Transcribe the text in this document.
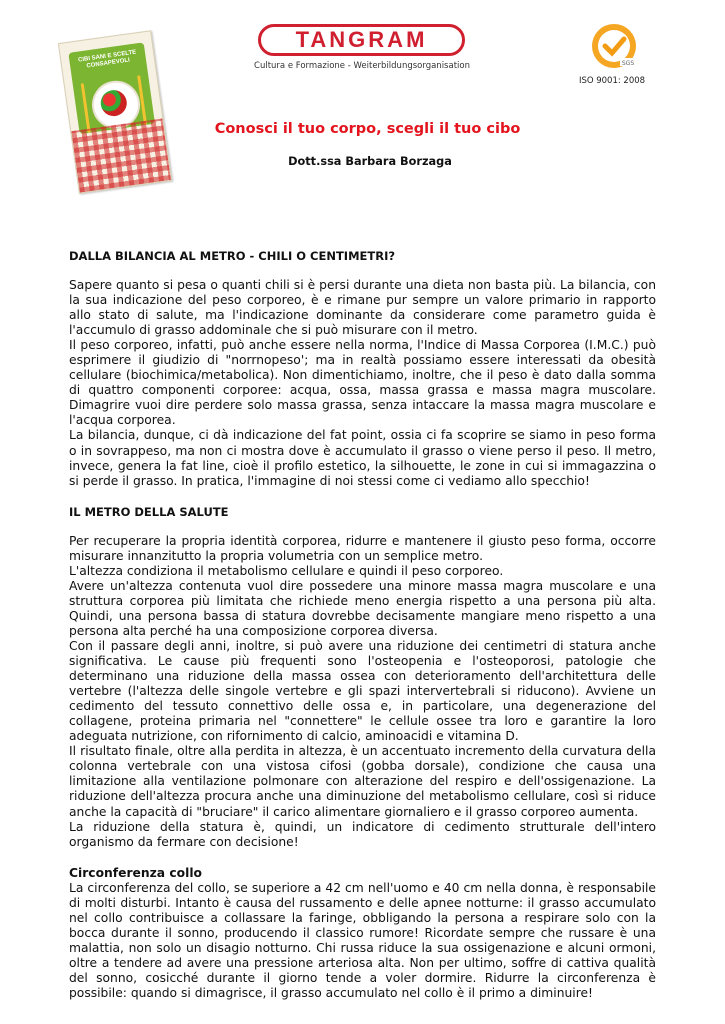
CIBI SANI E SCELTE CONSAPEVOLI
TANGRAM
Cultura e Formazione - Weiterbildungsorganisation	SGS
ISO 9001: 2008
Conosci il tuo corpo, scegli il tuo cibo

Dott.ssa Barbara Borzaga

DALLA BILANCIA AL METRO - CHILI O CENTIMETRI?

Sapere quanto si pesa o quanti chili si è persi durante una dieta non basta più. La bilancia, con la sua indicazione del peso corporeo, è e rimane pur sempre un valore primario in rapporto allo stato di salute, ma l'indicazione dominante da considerare come parametro guida è l'accumulo di grasso addominale che si può misurare con il metro.

Il peso corporeo, infatti, può anche essere nella norma, l'Indice di Massa Corporea (I.M.C.) può esprimere il giudizio di "norrnopeso'; ma in realtà possiamo essere interessati da obesità cellulare (biochimica/metabolica). Non dimentichiamo, inoltre, che il peso è dato dalla somma di quattro componenti corporee: acqua, ossa, massa grassa e massa magra muscolare. Dimagrire vuoi dire perdere solo massa grassa, senza intaccare la massa magra muscolare e l'acqua corporea.

La bilancia, dunque, ci dà indicazione del fat point, ossia ci fa scoprire se siamo in peso forma o in sovrappeso, ma non ci mostra dove è accumulato il grasso o viene perso il peso. Il metro, invece, genera la fat line, cioè il profilo estetico, la silhouette, le zone in cui si immagazzina o si perde il grasso. In pratica, l'immagine di noi stessi come ci vediamo allo specchio!

IL METRO DELLA SALUTE

Per recuperare la propria identità corporea, ridurre e mantenere il giusto peso forma, occorre misurare innanzitutto la propria volumetria con un semplice metro.

L'altezza condiziona il metabolismo cellulare e quindi il peso corporeo.

Avere un'altezza contenuta vuol dire possedere una minore massa magra muscolare e una struttura corporea più limitata che richiede meno energia rispetto a una persona più alta. Quindi, una persona bassa di statura dovrebbe decisamente mangiare meno rispetto a una persona alta perché ha una composizione corporea diversa.

Con il passare degli anni, inoltre, si può avere una riduzione dei centimetri di statura anche significativa. Le cause più frequenti sono l'osteopenia e l'osteoporosi, patologie che determinano una riduzione della massa ossea con deterioramento dell'architettura delle vertebre (l'altezza delle singole vertebre e gli spazi intervertebrali si riducono). Avviene un cedimento del tessuto connettivo delle ossa e, in particolare, una degenerazione del collagene, proteina primaria nel "connettere" le cellule ossee tra loro e garantire la loro adeguata nutrizione, con rifornimento di calcio, aminoacidi e vitamina D.

Il risultato finale, oltre alla perdita in altezza, è un accentuato incremento della curvatura della colonna vertebrale con una vistosa cifosi (gobba dorsale), condizione che causa una limitazione alla ventilazione polmonare con alterazione del respiro e dell'ossigenazione. La riduzione dell'altezza procura anche una diminuzione del metabolismo cellulare, così si riduce anche la capacità di "bruciare" il carico alimentare giornaliero e il grasso corporeo aumenta.

La riduzione della statura è, quindi, un indicatore di cedimento strutturale dell'intero organismo da fermare con decisione!

Circonferenza collo

La circonferenza del collo, se superiore a 42 cm nell'uomo e 40 cm nella donna, è responsabile di molti disturbi. Intanto è causa del russamento e delle apnee notturne: il grasso accumulato nel collo contribuisce a collassare la faringe, obbligando la persona a respirare solo con la bocca durante il sonno, producendo il classico rumore! Ricordate sempre che russare è una malattia, non solo un disagio notturno. Chi russa riduce la sua ossigenazione e alcuni ormoni, oltre a tendere ad avere una pressione arteriosa alta. Non per ultimo, soffre di cattiva qualità del sonno, cosicché durante il giorno tende a voler dormire. Ridurre la circonferenza è possibile: quando si dimagrisce, il grasso accumulato nel collo è il primo a diminuire!
